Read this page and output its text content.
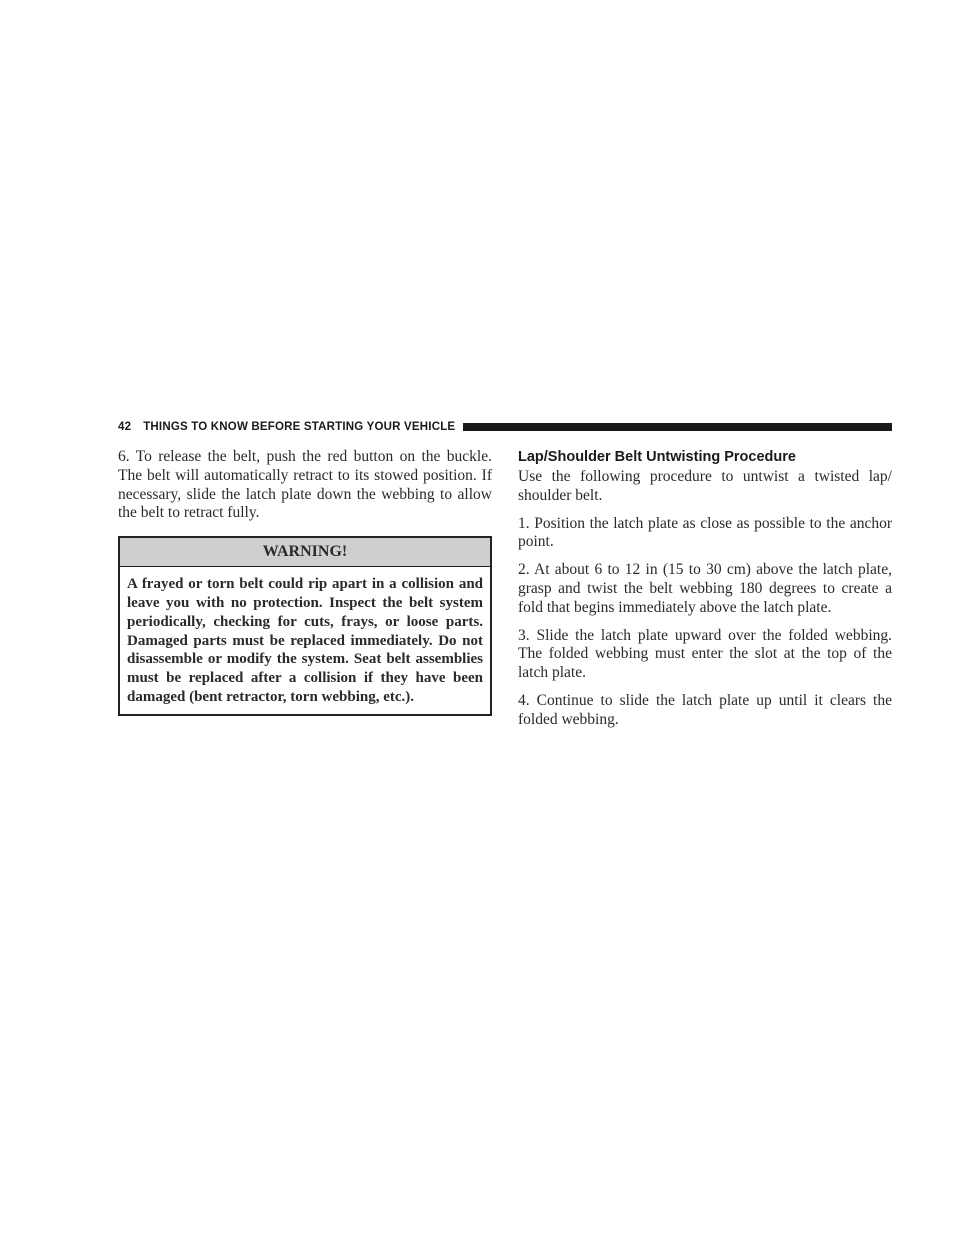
42 THINGS TO KNOW BEFORE STARTING YOUR VEHICLE

6. To release the belt, push the red button on the buckle. The belt will automatically retract to its stowed position. If necessary, slide the latch plate down the webbing to allow the belt to retract fully.

WARNING!
A frayed or torn belt could rip apart in a collision and leave you with no protection. Inspect the belt system periodically, checking for cuts, frays, or loose parts. Damaged parts must be replaced immediately. Do not disassemble or modify the system. Seat belt assemblies must be replaced after a collision if they have been damaged (bent retractor, torn webbing, etc.).
Lap/Shoulder Belt Untwisting Procedure

Use the following procedure to untwist a twisted lap/ shoulder belt.

1. Position the latch plate as close as possible to the anchor point.

2. At about 6 to 12 in (15 to 30 cm) above the latch plate, grasp and twist the belt webbing 180 degrees to create a fold that begins immediately above the latch plate.

3. Slide the latch plate upward over the folded webbing. The folded webbing must enter the slot at the top of the latch plate.

4. Continue to slide the latch plate up until it clears the folded webbing.
